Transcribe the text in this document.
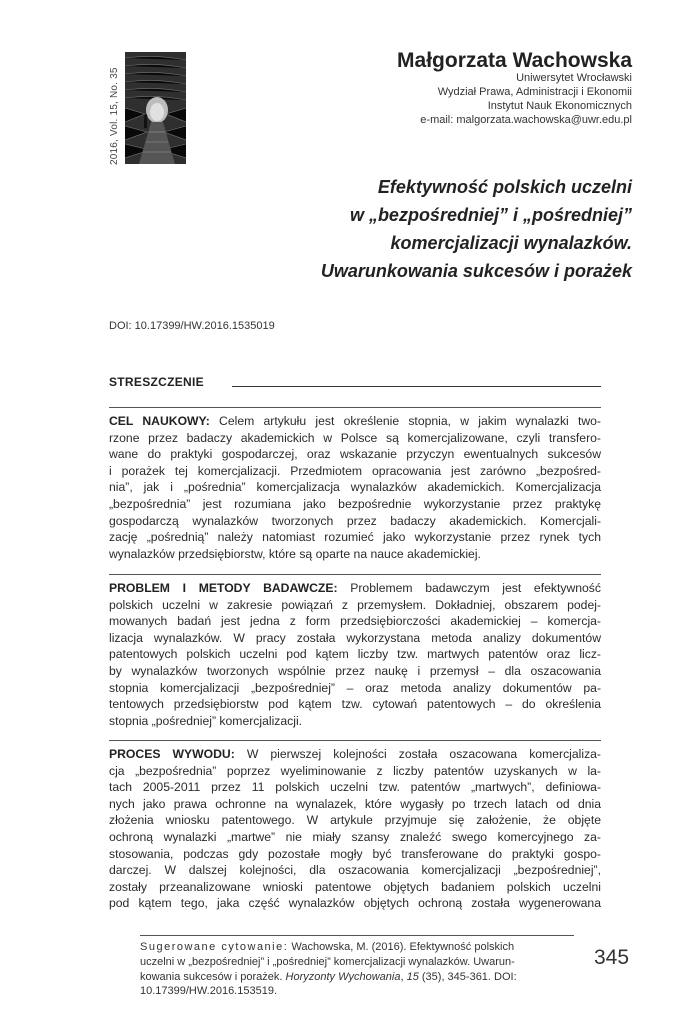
2016, Vol. 15, No. 35
Małgorzata Wachowska
Uniwersytet Wrocławski
Wydział Prawa, Administracji i Ekonomii
Instytut Nauk Ekonomicznych
e-mail: malgorzata.wachowska@uwr.edu.pl
Efektywność polskich uczelni
w „bezpośredniej” i „pośredniej”
komercjalizacji wynalazków.
Uwarunkowania sukcesów i porażek
DOI: 10.17399/HW.2016.1535019
STRESZCZENIE
CEL NAUKOWY: Celem artykułu jest określenie stopnia, w jakim wynalazki two-
rzone przez badaczy akademickich w Polsce są komercjalizowane, czyli transfero-
wane do praktyki gospodarczej, oraz wskazanie przyczyn ewentualnych sukcesów
i porażek tej komercjalizacji. Przedmiotem opracowania jest zarówno „bezpośred-
nia”, jak i „pośrednia” komercjalizacja wynalazków akademickich. Komercjalizacja
„bezpośrednia” jest rozumiana jako bezpośrednie wykorzystanie przez praktykę
gospodarczą wynalazków tworzonych przez badaczy akademickich. Komercjali-
zację „pośrednią” należy natomiast rozumieć jako wykorzystanie przez rynek tych
wynalazków przedsiębiorstw, które są oparte na nauce akademickiej.
PROBLEM I METODY BADAWCZE: Problemem badawczym jest efektywność
polskich uczelni w zakresie powiązań z przemysłem. Dokładniej, obszarem podej-
mowanych badań jest jedna z form przedsiębiorczości akademickiej – komercja-
lizacja wynalazków. W pracy została wykorzystana metoda analizy dokumentów
patentowych polskich uczelni pod kątem liczby tzw. martwych patentów oraz licz-
by wynalazków tworzonych wspólnie przez naukę i przemysł – dla oszacowania
stopnia komercjalizacji „bezpośredniej” – oraz metoda analizy dokumentów pa-
tentowych przedsiębiorstw pod kątem tzw. cytowań patentowych – do określenia
stopnia „pośredniej” komercjalizacji.
PROCES WYWODU: W pierwszej kolejności została oszacowana komercjaliza-
cja „bezpośrednia” poprzez wyeliminowanie z liczby patentów uzyskanych w la-
tach 2005-2011 przez 11 polskich uczelni tzw. patentów „martwych”, definiowa-
nych jako prawa ochronne na wynalazek, które wygasły po trzech latach od dnia
złożenia wniosku patentowego. W artykule przyjmuje się założenie, że objęte
ochroną wynalazki „martwe” nie miały szansy znaleźć swego komercyjnego za-
stosowania, podczas gdy pozostałe mogły być transferowane do praktyki gospo-
darczej. W dalszej kolejności, dla oszacowania komercjalizacji „bezpośredniej”,
zostały przeanalizowane wnioski patentowe objętych badaniem polskich uczelni
pod kątem tego, jaka część wynalazków objętych ochroną została wygenerowana
Sugerowane cytowanie: Wachowska, M. (2016). Efektywność polskich
uczelni w „bezpośredniej” i „pośredniej” komercjalizacji wynalazków. Uwarun-
kowania sukcesów i porażek. Horyzonty Wychowania, 15 (35), 345-361. DOI:
10.17399/HW.2016.153519.
345
